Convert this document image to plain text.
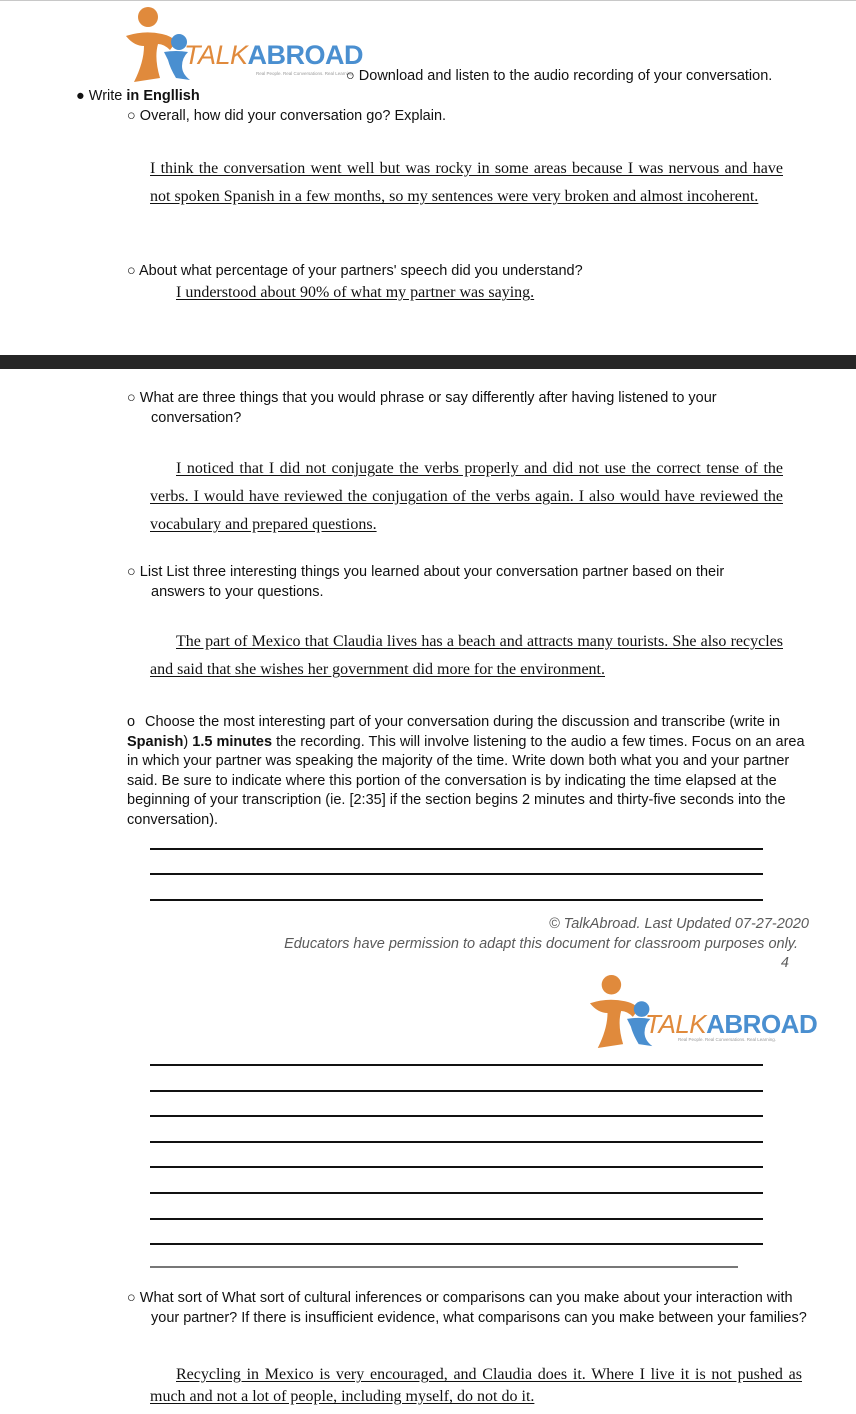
TALKABROAD
Real People. Real Conversations. Real Learning.
○ Download and listen to the audio recording of your conversation.
● Write in Engllish
○ Overall, how did your conversation go? Explain.
I think the conversation went well but was rocky in some areas because I was nervous and have not spoken Spanish in a few months, so my sentences were very broken and almost incoherent.
○ About what percentage of your partners' speech did you understand?
I understood about 90% of what my partner was saying.
○ What are three things that you would phrase or say differently after having listened to your
conversation?
I noticed that I did not conjugate the verbs properly and did not use the correct tense of the verbs. I would have reviewed the conjugation of the verbs again. I also would have reviewed the vocabulary and prepared questions.
○ List List three interesting things you learned about your conversation partner based on their
answers to your questions.
The part of Mexico that Claudia lives has a beach and attracts many tourists. She also recycles and said that she wishes her government did more for the environment.
o Choose the most interesting part of your conversation during the discussion and transcribe (write in Spanish) 1.5 minutes the recording. This will involve listening to the audio a few times. Focus on an area in which your partner was speaking the majority of the time. Write down both what you and your partner said. Be sure to indicate where this portion of the conversation is by indicating the time elapsed at the beginning of your transcription (ie. [2:35] if the section begins 2 minutes and thirty-five seconds into the conversation).
© TalkAbroad. Last Updated 07-27-2020
Educators have permission to adapt this document for classroom purposes only.
4
TALKABROAD
Real People. Real Conversations. Real Learning.
○ What sort of What sort of cultural inferences or comparisons can you make about your interaction with your partner? If there is insufficient evidence, what comparisons can you make between your families?
Recycling in Mexico is very encouraged, and Claudia does it. Where I live it is not pushed as much and not a lot of people, including myself, do not do it.
